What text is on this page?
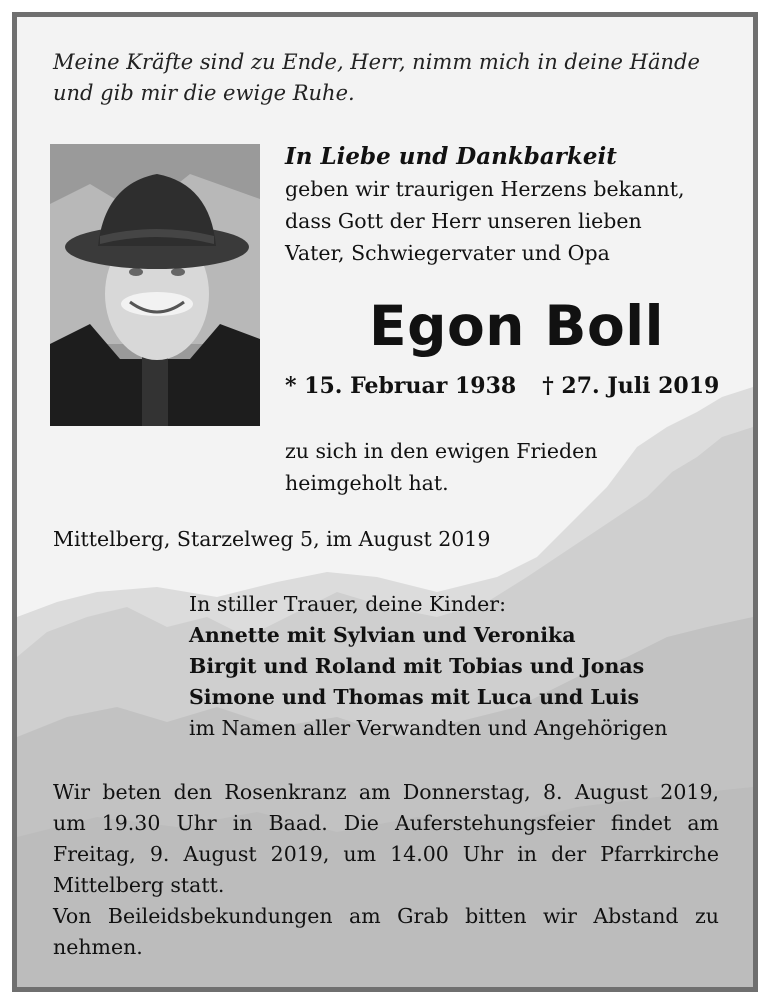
Meine Kräfte sind zu Ende, Herr, nimm mich in deine Hände
und gib mir die ewige Ruhe.
In Liebe und Dankbarkeit
geben wir traurigen Herzens bekannt,
dass Gott der Herr unseren lieben
Vater, Schwiegervater und Opa
Egon Boll
* 15. Februar 1938 † 27. Juli 2019
zu sich in den ewigen Frieden
heimgeholt hat.
Mittelberg, Starzelweg 5, im August 2019
In stiller Trauer, deine Kinder:
Annette mit Sylvian und Veronika
Birgit und Roland mit Tobias und Jonas
Simone und Thomas mit Luca und Luis
im Namen aller Verwandten und Angehörigen
Wir beten den Rosenkranz am Donnerstag, 8. August 2019,
um 19.30 Uhr in Baad. Die Auferstehungsfeier findet am
Freitag, 9. August 2019, um 14.00 Uhr in der Pfarrkirche
Mittelberg statt.
Von Beileidsbekundungen am Grab bitten wir Abstand zu
nehmen.
